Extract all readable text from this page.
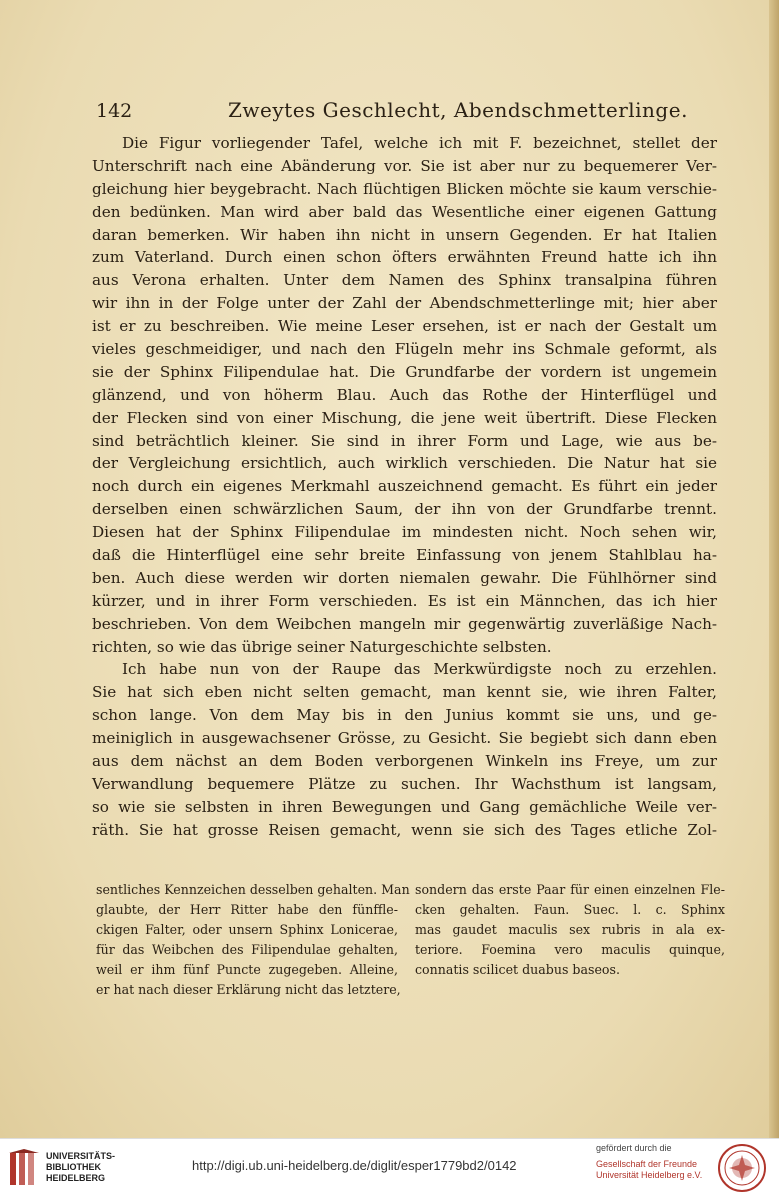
142	Zweytes Geschlecht, Abendschmetterlinge.
Die Figur vorliegender Tafel, welche ich mit F. bezeichnet, stellet der
Unterschrift nach eine Abänderung vor. Sie ist aber nur zu bequemerer Ver-
gleichung hier beygebracht. Nach flüchtigen Blicken möchte sie kaum verschie-
den bedünken. Man wird aber bald das Wesentliche einer eigenen Gattung
daran bemerken. Wir haben ihn nicht in unsern Gegenden. Er hat Italien
zum Vaterland. Durch einen schon öfters erwähnten Freund hatte ich ihn
aus Verona erhalten. Unter dem Namen des Sphinx transalpina führen
wir ihn in der Folge unter der Zahl der Abendschmetterlinge mit; hier aber
ist er zu beschreiben. Wie meine Leser ersehen, ist er nach der Gestalt um
vieles geschmeidiger, und nach den Flügeln mehr ins Schmale geformt, als
sie der Sphinx Filipendulae hat. Die Grundfarbe der vordern ist ungemein
glänzend, und von höherm Blau. Auch das Rothe der Hinterflügel und
der Flecken sind von einer Mischung, die jene weit übertrift. Diese Flecken
sind beträchtlich kleiner. Sie sind in ihrer Form und Lage, wie aus be-
der Vergleichung ersichtlich, auch wirklich verschieden. Die Natur hat sie
noch durch ein eigenes Merkmahl auszeichnend gemacht. Es führt ein jeder
derselben einen schwärzlichen Saum, der ihn von der Grundfarbe trennt.
Diesen hat der Sphinx Filipendulae im mindesten nicht. Noch sehen wir,
daß die Hinterflügel eine sehr breite Einfassung von jenem Stahlblau ha-
ben. Auch diese werden wir dorten niemalen gewahr. Die Fühlhörner sind
kürzer, und in ihrer Form verschieden. Es ist ein Männchen, das ich hier
beschrieben. Von dem Weibchen mangeln mir gegenwärtig zuverläßige Nach-
richten, so wie das übrige seiner Naturgeschichte selbsten.
Ich habe nun von der Raupe das Merkwürdigste noch zu erzehlen.
Sie hat sich eben nicht selten gemacht, man kennt sie, wie ihren Falter,
schon lange. Von dem May bis in den Junius kommt sie uns, und ge-
meiniglich in ausgewachsener Grösse, zu Gesicht. Sie begiebt sich dann eben
aus dem nächst an dem Boden verborgenen Winkeln ins Freye, um zur
Verwandlung bequemere Plätze zu suchen. Ihr Wachsthum ist langsam,
so wie sie selbsten in ihren Bewegungen und Gang gemächliche Weile ver-
räth. Sie hat grosse Reisen gemacht, wenn sie sich des Tages etliche Zol-
sentliches Kennzeichen desselben gehalten. Man
glaubte, der Herr Ritter habe den fünffle-
ckigen Falter, oder unsern Sphinx Lonicerae,
für das Weibchen des Filipendulae gehalten,
weil er ihm fünf Puncte zugegeben. Alleine,
er hat nach dieser Erklärung nicht das letztere,
sondern das erste Paar für einen einzelnen Fle-
cken gehalten. Faun. Suec. l. c. Sphinx
mas gaudet maculis sex rubris in ala ex-
teriore. Foemina vero maculis quinque,
connatis scilicet duabus baseos.
UNIVERSITÄTS-
BIBLIOTHEK
HEIDELBERG
http://digi.ub.uni-heidelberg.de/diglit/esper1779bd2/0142
gefördert durch die
Gesellschaft der Freunde
Universität Heidelberg e.V.
